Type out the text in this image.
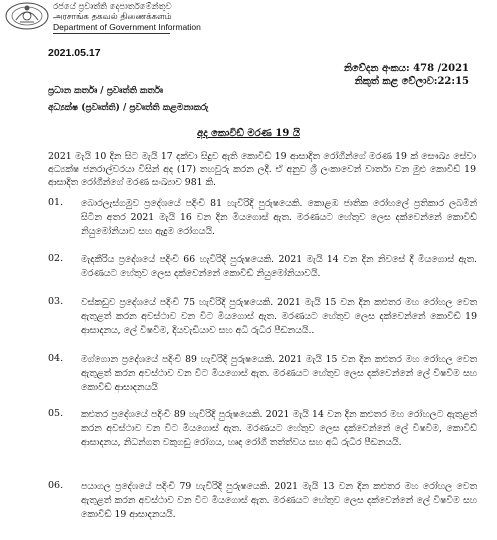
රජයේ ප්‍රවෘත්ති දෙපාර්තමේන්තුව
அரசாங்க தகவல் திணைக்களம்
Department of Government Information
2021.05.17
නිවේදන අංකය: 478 /2021
නිකුත් කළ වේලාව:22:15
ප්‍රධාන කර්තෘ / ප්‍රවෘත්ති කර්තෘ
අධ්‍යක්ෂ (ප්‍රවෘත්ති) / ප්‍රවෘත්ති කළමනාකරු
අද කොවිඩ් මරණ 19 යි
2021 මැයි 10 දින සිට මැයි 17 දක්වා සිදුව ඇති කොවිඩ් 19 ආසාදිත රෝගීන්ගේ මරණ 19 ක් සෞඛ්‍ය සේවා අධ්‍යක්ෂ ජනරාල්වරයා විසින් අද (17) තහවුරු කරන ලදී. ඒ අනුව ශ්‍රී ලංකාවෙන් වාර්තා වන මුළු කොවිඩ් 19 ආසාදිත රෝගීන්ගේ මරණ සංඛ්‍යාව 981 කි.
01. බොරලැස්ගමුව ප්‍රදේශයේ පදිංචි 81 හැවිරිදි පුරුෂයෙකි. කොළඹ ජාතික රෝහලේ ප්‍රතිකාර ලබමින් සිටින අතර 2021 මැයි 16 වන දින මියගොස් ඇත. මරණයට හේතුව ලෙස දක්වෙන්නේ කොවිඩ් නියුමෝනියාව සහ ඇදුම රෝගයයි.
02. මැදකීරිය ප්‍රදේශයේ පදිංචි 66 හැවිරිදි පුරුෂයෙකි. 2021 මැයි 14 වන දින නිවසේ දී මියගොස් ඇත. මරණයට හේතුව ලෙස දක්වෙන්නේ කොවිඩ් නියුමෝනියාවයි.
03. වස්කඩුව ප්‍රදේශයේ පදිංචි 75 හැවිරිදි පුරුෂයෙකි. 2021 මැයි 15 වන දින කළුතර මහ රෝහල වෙත ඇතුළත් කරන අවස්ථාව වන විට මියගොස් ඇත. මරණයට හේතුව ලෙස දක්වෙන්නේ කොවිඩ් 19 ආසාදනය, ලේ විෂවීම, දියවැඩියාව සහ අධි රුධිර පීඩනයයි..
04. මග්ගොන ප්‍රදේශයේ පදිංචි 89 හැවිරිදි පුරුෂයෙකි. 2021 මැයි 15 වන දින කළුතර මහ රෝහල වෙත ඇතුළත් කරන අවස්ථාව වන විට මියගොස් ඇත. මරණයට හේතුව ලෙස දක්වෙන්නේ ලේ විෂවීම සහ කොවිඩ් ආසාදනයයි
05. කළුතර ප්‍රදේශයේ පදිංචි 89 හැවිරිදි පුරුෂයෙකි. 2021 මැයි 14 වන දින කළුතර මහ රෝහලට ඇතුළත් කරන අවස්ථාව වන විට මියගොස් ඇත. මරණයට හේතුව ලෙස දක්වෙන්නේ ලේ විෂවීම, කොවිඩ් ආසාදනය, නිධන්ගත වකුගඩු රෝගය, හෘද රෝගී තත්ත්වය සහ අධි රුධිර පීඩනයයි.
06. පයාගල ප්‍රදේශයේ පදිංචි 79 හැවිරිදි පුරුෂයෙකි. 2021 මැයි 13 වන දින කළුතර මහ රෝහල වෙත ඇතුළත් කරන අවස්ථාව වන විට මියගොස් ඇත. මරණයට හේතුව ලෙස දක්වෙන්නේ ලේ විෂවීම සහ කොවිඩ් 19 ආසාදනයයි.
